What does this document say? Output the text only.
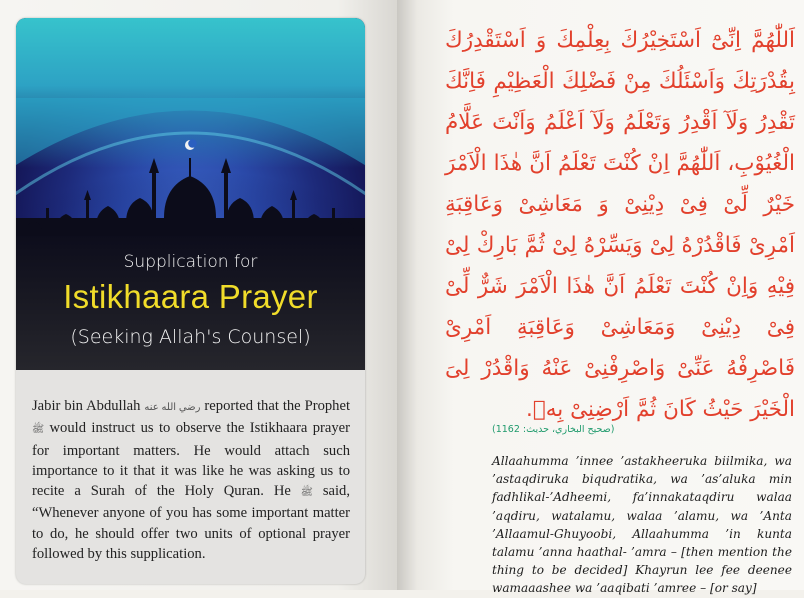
Supplication for
Istikhaara Prayer
(Seeking Allah's Counsel)
Jabir bin Abdullah رضي الله عنه reported that the Prophet ﷺ would instruct us to observe the Istikhaara prayer for important matters. He would attach such importance to it that it was like he was asking us to recite a Surah of the Holy Quran. He ﷺ said, “Whenever anyone of you has some important matter to do, he should offer two units of optional prayer followed by this supplication.
اَللّٰهُمَّ اِنِّیْٓ اَسْتَخِیْرُكَ بِعِلْمِكَ وَ اَسْتَقْدِرُكَ بِقُدْرَتِكَ وَاَسْئَلُكَ مِنْ فَضْلِكَ الْعَظِیْمِ فَاِنَّكَ تَقْدِرُ وَلَآ اَقْدِرُ وَتَعْلَمُ وَلَآ اَعْلَمُ وَاَنْتَ عَلَّامُ الْغُیُوْبِ، اَللّٰهُمَّ اِنْ كُنْتَ تَعْلَمُ اَنَّ هٰذَا الْاَمْرَ خَیْرٌ لِّیْ فِیْ دِیْنِیْ وَ مَعَاشِیْ وَعَاقِبَةِ اَمْرِیْ فَاقْدُرْهُ لِیْ وَیَسِّرْهُ لِیْ ثُمَّ بَارِكْ لِیْ فِیْهِ وَاِنْ كُنْتَ تَعْلَمُ اَنَّ هٰذَا الْاَمْرَ شَرٌّ لِّیْ فِیْ دِیْنِیْ وَمَعَاشِیْ وَعَاقِبَةِ اَمْرِیْ فَاصْرِفْهُ عَنِّیْ وَاصْرِفْنِیْ عَنْهُ وَاقْدُرْ لِیَ الْخَیْرَ حَیْثُ كَانَ ثُمَّ اَرْضِنِیْ بِهٖ.
(صحیح البخاري، حدیث: 1162)
Allaahumma ’innee ’astakheeruka biilmika, wa ’astaqdiruka biqudratika, wa ’as’aluka min fadhlikal-’Adheemi, fa’innakataqdiru walaa ’aqdiru, watalamu, walaa ’alamu, wa ’Anta ’Allaamul-Ghuyoobi, Allaahumma ’in kunta talamu ’anna haathal- ’amra – [then mention the thing to be decided] Khayrun lee fee deenee wamaaashee wa ’aaqibati ’amree – [or say]
